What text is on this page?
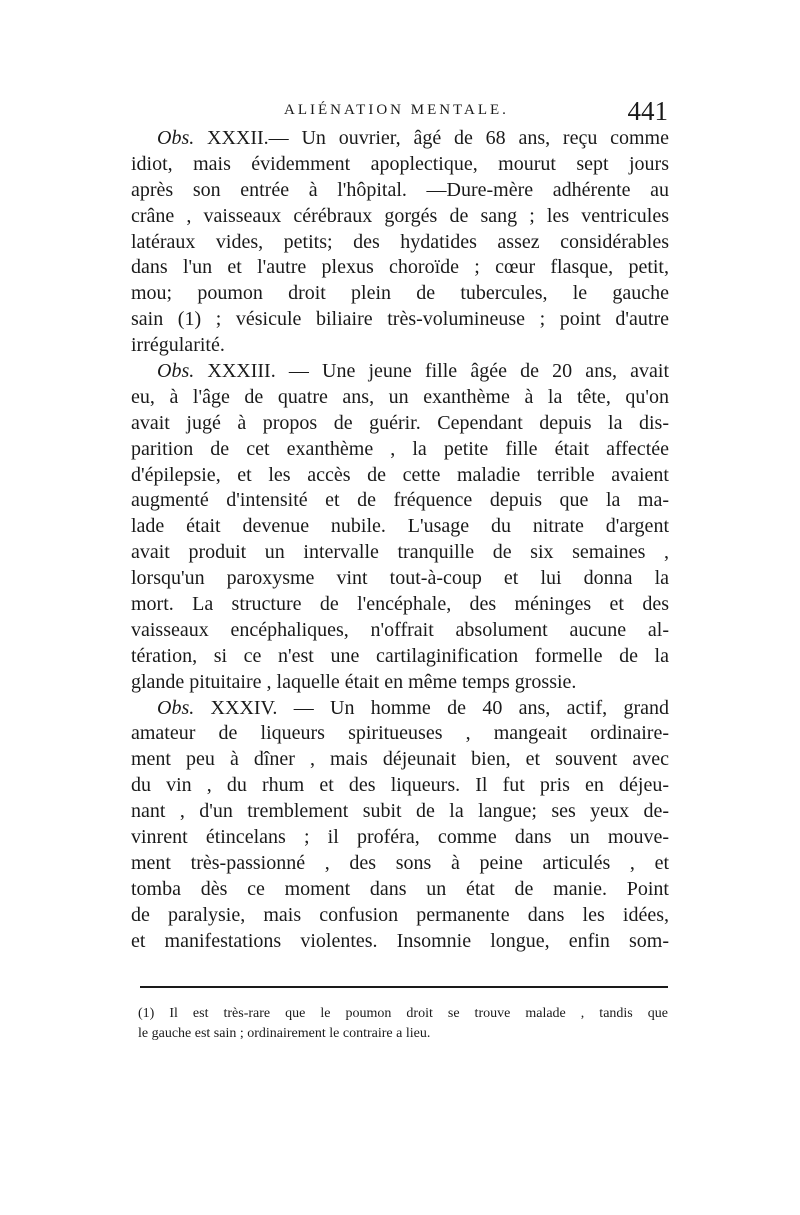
ALIÉNATION MENTALE.	441
Obs. XXXII.— Un ouvrier, âgé de 68 ans, reçu comme
idiot, mais évidemment apoplectique, mourut sept jours
après son entrée à l'hôpital. —Dure-mère adhérente au
crâne , vaisseaux cérébraux gorgés de sang ; les ventricules
latéraux vides, petits; des hydatides assez considérables
dans l'un et l'autre plexus choroïde ; cœur flasque, petit,
mou; poumon droit plein de tubercules, le gauche
sain (1) ; vésicule biliaire très-volumineuse ; point d'autre
irrégularité.
Obs. XXXIII. — Une jeune fille âgée de 20 ans, avait
eu, à l'âge de quatre ans, un exanthème à la tête, qu'on
avait jugé à propos de guérir. Cependant depuis la dis-
parition de cet exanthème , la petite fille était affectée
d'épilepsie, et les accès de cette maladie terrible avaient
augmenté d'intensité et de fréquence depuis que la ma-
lade était devenue nubile. L'usage du nitrate d'argent
avait produit un intervalle tranquille de six semaines ,
lorsqu'un paroxysme vint tout-à-coup et lui donna la
mort. La structure de l'encéphale, des méninges et des
vaisseaux encéphaliques, n'offrait absolument aucune al-
tération, si ce n'est une cartilaginification formelle de la
glande pituitaire , laquelle était en même temps grossie.
Obs. XXXIV. — Un homme de 40 ans, actif, grand
amateur de liqueurs spiritueuses , mangeait ordinaire-
ment peu à dîner , mais déjeunait bien, et souvent avec
du vin , du rhum et des liqueurs. Il fut pris en déjeu-
nant , d'un tremblement subit de la langue; ses yeux de-
vinrent étincelans ; il proféra, comme dans un mouve-
ment très-passionné , des sons à peine articulés , et
tomba dès ce moment dans un état de manie. Point
de paralysie, mais confusion permanente dans les idées,
et manifestations violentes. Insomnie longue, enfin som-
(1) Il est très-rare que le poumon droit se trouve malade , tandis que
le gauche est sain ; ordinairement le contraire a lieu.
